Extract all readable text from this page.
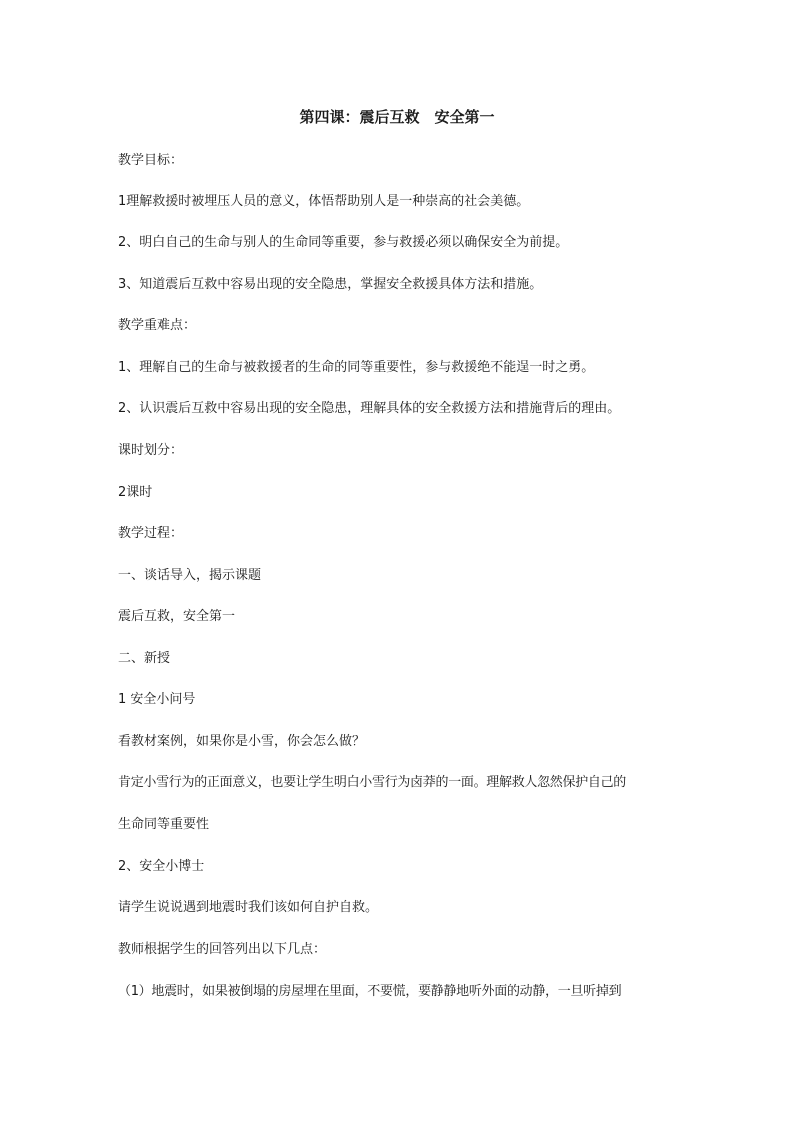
第四课：震后互救　安全第一
教学目标：
1理解救援时被埋压人员的意义，体悟帮助别人是一种崇高的社会美德。
2、明白自己的生命与别人的生命同等重要，参与救援必须以确保安全为前提。
3、知道震后互救中容易出现的安全隐患，掌握安全救援具体方法和措施。
教学重难点：
1、理解自己的生命与被救援者的生命的同等重要性，参与救援绝不能逞一时之勇。
2、认识震后互救中容易出现的安全隐患，理解具体的安全救援方法和措施背后的理由。
课时划分：
2课时
教学过程：
一、谈话导入，揭示课题
震后互救，安全第一
二、新授
1 安全小问号
看教材案例，如果你是小雪，你会怎么做？
肯定小雪行为的正面意义，也要让学生明白小雪行为卤莽的一面。理解救人忽然保护自己的
生命同等重要性
2、安全小博士
请学生说说遇到地震时我们该如何自护自救。
教师根据学生的回答列出以下几点：
（1）地震时，如果被倒塌的房屋埋在里面，不要慌，要静静地听外面的动静，一旦听掉到
